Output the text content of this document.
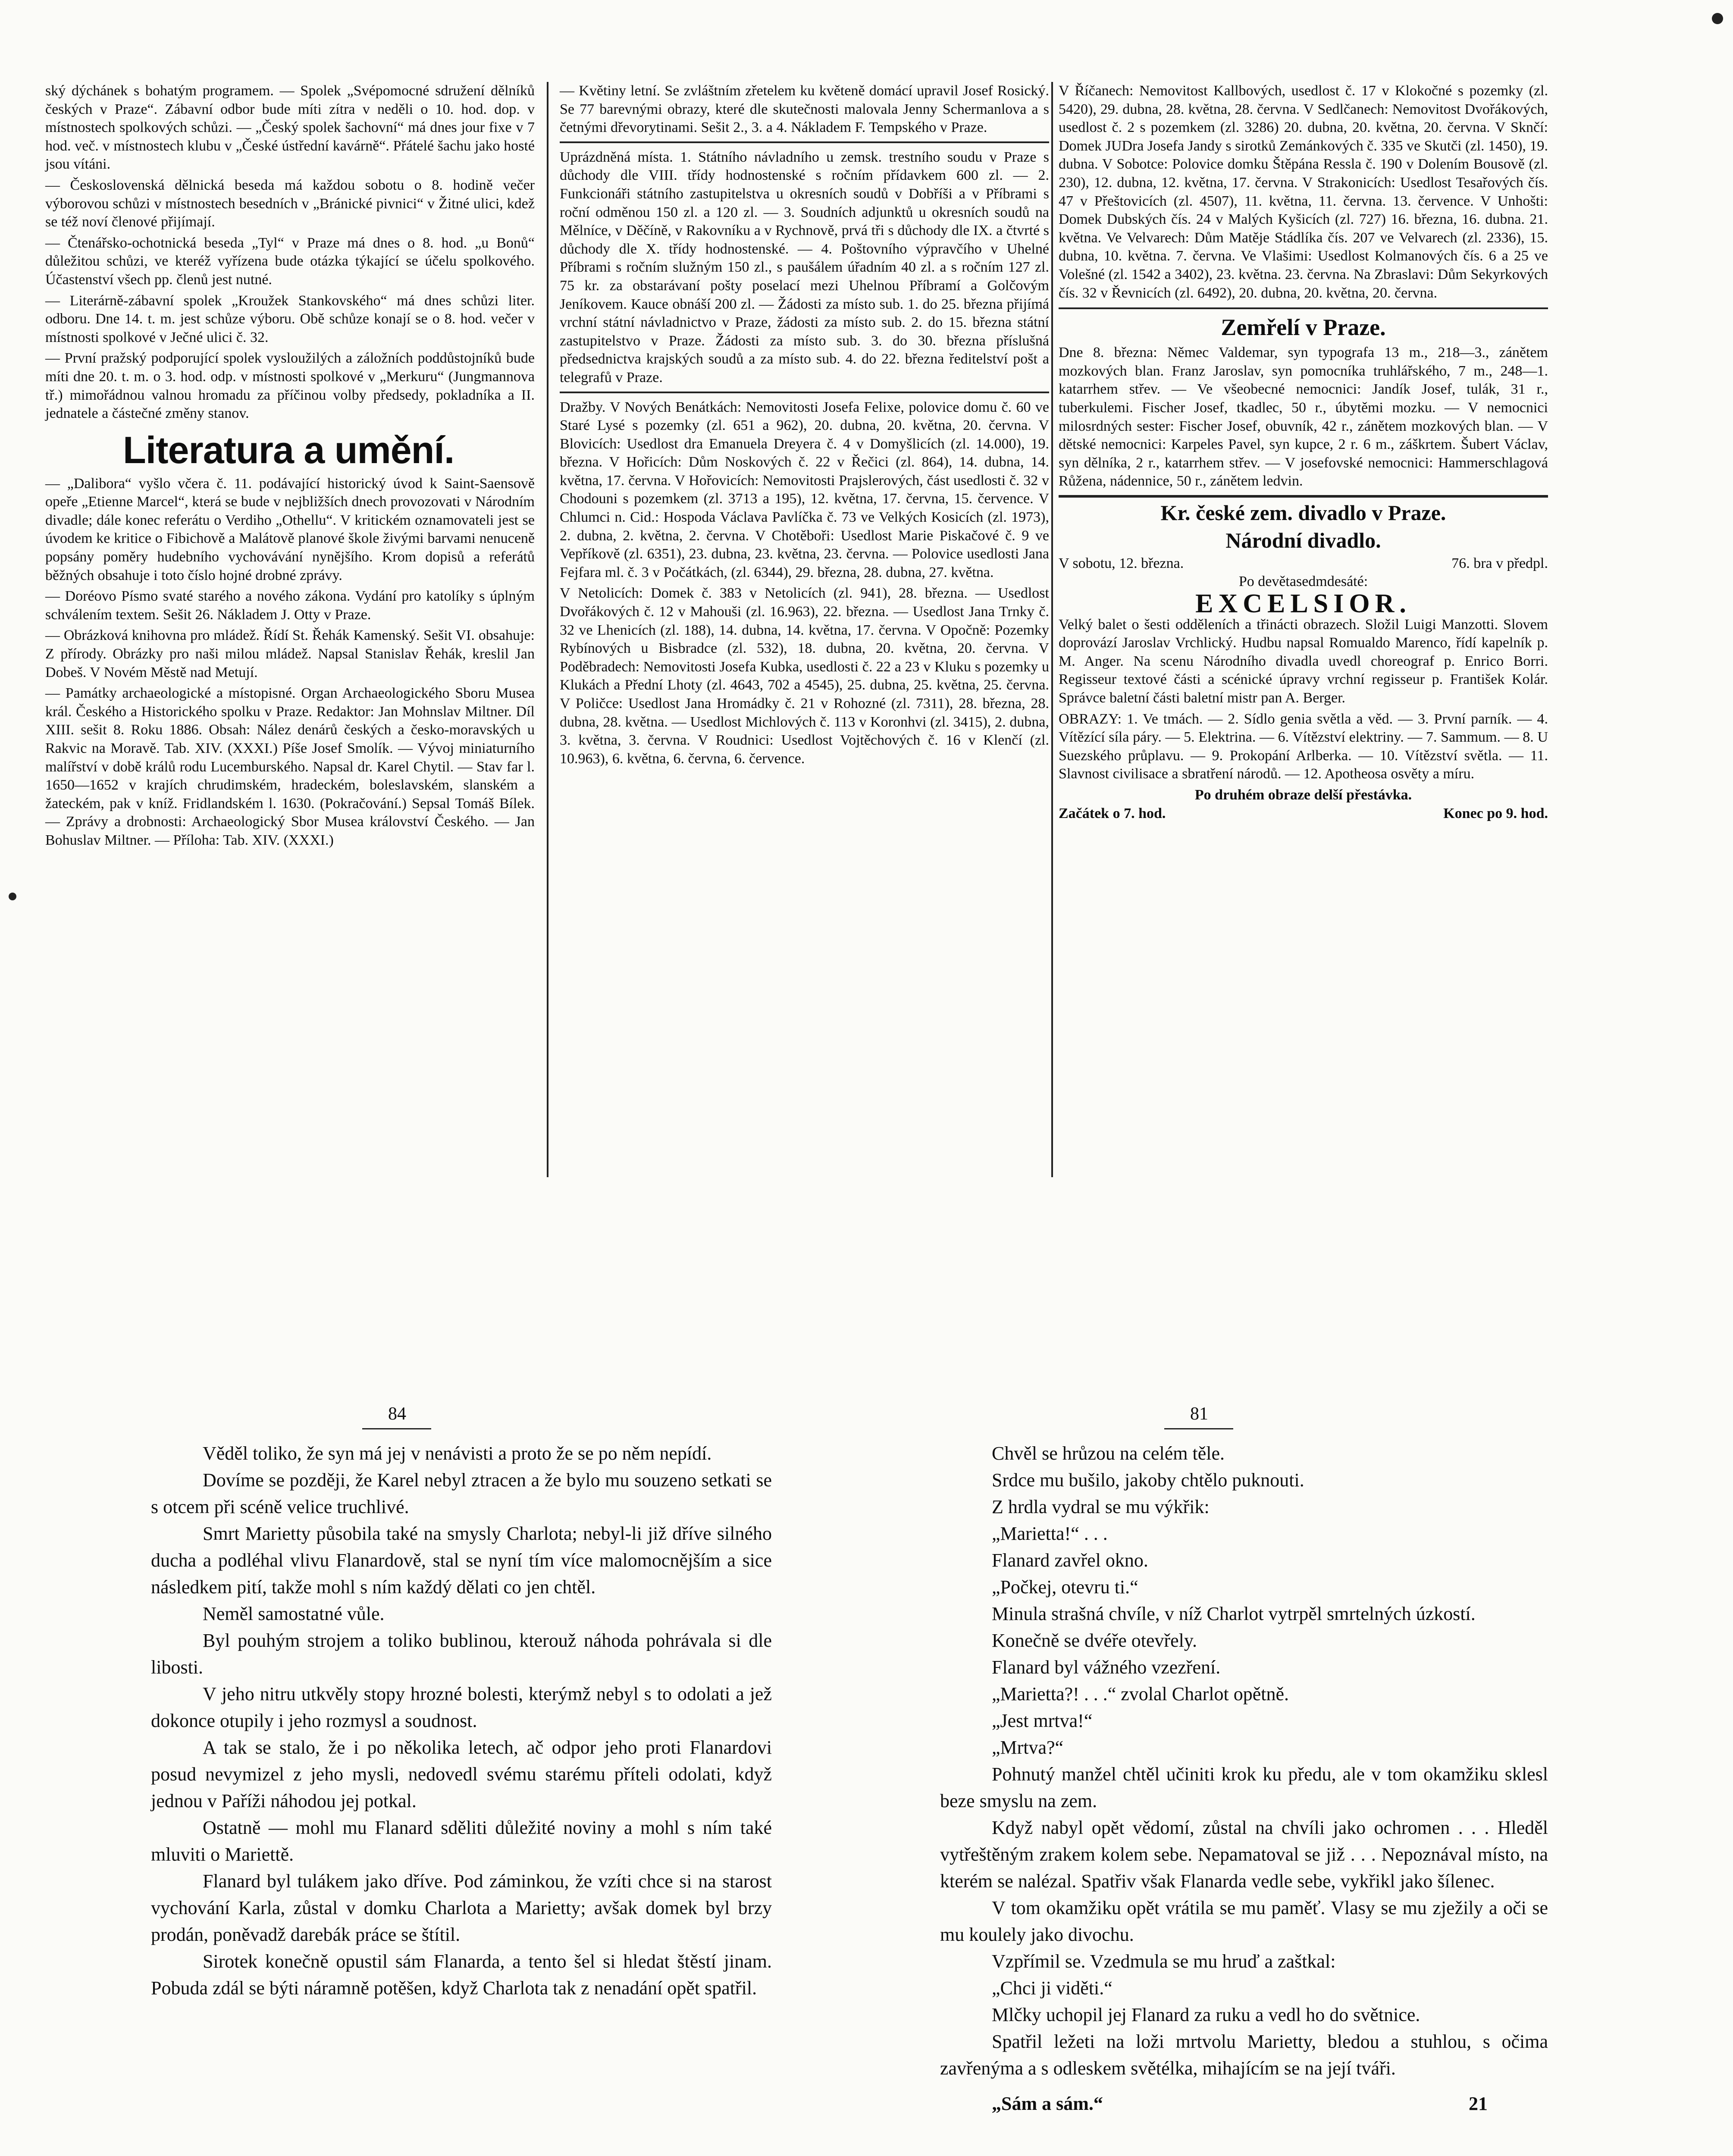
ský dýchánek s bohatým programem. — Spolek „Svépomocné sdružení dělníků českých v Praze“. Zábavní odbor bude míti zítra v neděli o 10. hod. dop. v místnostech spolkových schůzi. — „Český spolek šachovní“ má dnes jour fixe v 7 hod. več. v místnostech klubu v „České ústřední kavárně“. Přátelé šachu jako hosté jsou vítáni.

— Československá dělnická beseda má každou sobotu o 8. hodině večer výborovou schůzi v místnostech besedních v „Bránické pivnici“ v Žitné ulici, kdež se též noví členové přijímají.

— Čtenářsko-ochotnická beseda „Tyl“ v Praze má dnes o 8. hod. „u Bonů“ důležitou schůzi, ve kteréž vyřízena bude otázka týkající se účelu spolkového. Účastenství všech pp. členů jest nutné.

— Literárně-zábavní spolek „Kroužek Stankovského“ má dnes schůzi liter. odboru. Dne 14. t. m. jest schůze výboru. Obě schůze konají se o 8. hod. večer v místnosti spolkové v Ječné ulici č. 32.

— První pražský podporující spolek vysloužilých a záložních poddůstojníků bude míti dne 20. t. m. o 3. hod. odp. v místnosti spolkové v „Merkuru“ (Jungmannova tř.) mimořádnou valnou hromadu za příčinou volby předsedy, pokladníka a II. jednatele a částečné změny stanov.

Literatura a umění.

— „Dalibora“ vyšlo včera č. 11. podávající historický úvod k Saint-Saensově opeře „Etienne Marcel“, která se bude v nejbližších dnech provozovati v Národním divadle; dále konec referátu o Verdiho „Othellu“. V kritickém oznamovateli jest se úvodem ke kritice o Fibichově a Malátově planové škole živými barvami nenuceně popsány poměry hudebního vychovávání nynějšího. Krom dopisů a referátů běžných obsahuje i toto číslo hojné drobné zprávy.

— Doréovo Písmo svaté starého a nového zákona. Vydání pro katolíky s úplným schválením textem. Sešit 26. Nákladem J. Otty v Praze.

— Obrázková knihovna pro mládež. Řídí St. Řehák Kamenský. Sešit VI. obsahuje: Z přírody. Obrázky pro naši milou mládež. Napsal Stanislav Řehák, kreslil Jan Dobeš. V Novém Městě nad Metují.

— Památky archaeologické a místopisné. Organ Archaeologického Sboru Musea král. Českého a Historického spolku v Praze. Redaktor: Jan Mohnslav Miltner. Díl XIII. sešit 8. Roku 1886. Obsah: Nález denárů českých a česko-moravských u Rakvic na Moravě. Tab. XIV. (XXXI.) Píše Josef Smolík. — Vývoj miniaturního malířství v době králů rodu Lucemburského. Napsal dr. Karel Chytil. — Stav far l. 1650—1652 v krajích chrudimském, hradeckém, boleslavském, slanském a žateckém, pak v kníž. Fridlandském l. 1630. (Pokračování.) Sepsal Tomáš Bílek. — Zprávy a drobnosti: Archaeologický Sbor Musea království Českého. — Jan Bohuslav Miltner. — Příloha: Tab. XIV. (XXXI.)

— Květiny letní. Se zvláštním zřetelem ku květeně domácí upravil Josef Rosický. Se 77 barevnými obrazy, které dle skutečnosti malovala Jenny Schermanlova a s četnými dřevorytinami. Sešit 2., 3. a 4. Nákladem F. Tempského v Praze.

Uprázdněná místa. 1. Státního návladního u zemsk. trestního soudu v Praze s důchody dle VIII. třídy hodnostenské s ročním přídavkem 600 zl. — 2. Funkcionáři státního zastupitelstva u okresních soudů v Dobříši a v Příbrami s roční odměnou 150 zl. a 120 zl. — 3. Soudních adjunktů u okresních soudů na Mělníce, v Děčíně, v Rakovníku a v Rychnově, prvá tři s důchody dle IX. a čtvrté s důchody dle X. třídy hodnostenské. — 4. Poštovního výpravčího v Uhelné Příbrami s ročním služným 150 zl., s paušálem úřadním 40 zl. a s ročním 127 zl. 75 kr. za obstarávaní pošty poselací mezi Uhelnou Příbramí a Golčovým Jeníkovem. Kauce obnáší 200 zl. — Žádosti za místo sub. 1. do 25. března přijímá vrchní státní návladnictvo v Praze, žádosti za místo sub. 2. do 15. března státní zastupitelstvo v Praze. Žádosti za místo sub. 3. do 30. března příslušná předsednictva krajských soudů a za místo sub. 4. do 22. března ředitelství pošt a telegrafů v Praze.

Dražby. V Nových Benátkách: Nemovitosti Josefa Felixe, polovice domu č. 60 ve Staré Lysé s pozemky (zl. 651 a 962), 20. dubna, 20. května, 20. června. V Blovicích: Usedlost dra Emanuela Dreyera č. 4 v Domyšlicích (zl. 14.000), 19. března. V Hořicích: Dům Noskových č. 22 v Řečici (zl. 864), 14. dubna, 14. května, 17. června. V Hořovicích: Nemovitosti Prajslerových, část usedlosti č. 32 v Chodouni s pozemkem (zl. 3713 a 195), 12. května, 17. června, 15. července. V Chlumci n. Cid.: Hospoda Václava Pavlíčka č. 73 ve Velkých Kosicích (zl. 1973), 2. dubna, 2. května, 2. června. V Chotěboři: Usedlost Marie Piskačové č. 9 ve Vepříkově (zl. 6351), 23. dubna, 23. května, 23. června. — Polovice usedlosti Jana Fejfara ml. č. 3 v Počátkách, (zl. 6344), 29. března, 28. dubna, 27. května.

V Netolicích: Domek č. 383 v Netolicích (zl. 941), 28. března. — Usedlost Dvořákových č. 12 v Mahouši (zl. 16.963), 22. března. — Usedlost Jana Trnky č. 32 ve Lhenicích (zl. 188), 14. dubna, 14. května, 17. června. V Opočně: Pozemky Rybínových u Bisbradce (zl. 532), 18. dubna, 20. května, 20. června. V Poděbradech: Nemovitosti Josefa Kubka, usedlosti č. 22 a 23 v Kluku s pozemky u Klukách a Přední Lhoty (zl. 4643, 702 a 4545), 25. dubna, 25. května, 25. června. V Poličce: Usedlost Jana Hromádky č. 21 v Rohozné (zl. 7311), 28. března, 28. dubna, 28. května. — Usedlost Michlových č. 113 v Koronhvi (zl. 3415), 2. dubna, 3. května, 3. června. V Roudnici: Usedlost Vojtěchových č. 16 v Klenčí (zl. 10.963), 6. května, 6. června, 6. července.

V Říčanech: Nemovitost Kallbových, usedlost č. 17 v Klokočné s pozemky (zl. 5420), 29. dubna, 28. května, 28. června. V Sedlčanech: Nemovitost Dvořákových, usedlost č. 2 s pozemkem (zl. 3286) 20. dubna, 20. května, 20. června. V Sknčí: Domek JUDra Josefa Jandy s sirotků Zemánkových č. 335 ve Skutči (zl. 1450), 19. dubna. V Sobotce: Polovice domku Štěpána Ressla č. 190 v Dolením Bousově (zl. 230), 12. dubna, 12. května, 17. června. V Strakonicích: Usedlost Tesařových čís. 47 v Přeštovicích (zl. 4507), 11. května, 11. června. 13. července. V Unhošti: Domek Dubských čís. 24 v Malých Kyšicích (zl. 727) 16. března, 16. dubna. 21. května. Ve Velvarech: Dům Matěje Stádlíka čís. 207 ve Velvarech (zl. 2336), 15. dubna, 10. května. 7. června. Ve Vlašimi: Usedlost Kolmanových čís. 6 a 25 ve Volešné (zl. 1542 a 3402), 23. května. 23. června. Na Zbraslavi: Dům Sekyrkových čís. 32 v Řevnicích (zl. 6492), 20. dubna, 20. května, 20. června.

Zemřelí v Praze.

Dne 8. března: Němec Valdemar, syn typografa 13 m., 218—3., zánětem mozkových blan. Franz Jaroslav, syn pomocníka truhlářského, 7 m., 248—1. katarrhem střev. — Ve všeobecné nemocnici: Jandík Josef, tulák, 31 r., tuberkulemi. Fischer Josef, tkadlec, 50 r., úbytěmi mozku. — V nemocnici milosrdných sester: Fischer Josef, obuvník, 42 r., zánětem mozkových blan. — V dětské nemocnici: Karpeles Pavel, syn kupce, 2 r. 6 m., záškrtem. Šubert Václav, syn dělníka, 2 r., katarrhem střev. — V josefovské nemocnici: Hammerschlagová Růžena, nádennice, 50 r., zánětem ledvin.

Kr. české zem. divadlo v Praze.
Národní divadlo.
V sobotu, 12. března.	76. bra v předpl.
Po devětasedmdesáté:
EXCELSIOR.

Velký balet o šesti odděleních a třinácti obrazech. Složil Luigi Manzotti. Slovem doprovází Jaroslav Vrchlický. Hudbu napsal Romualdo Marenco, řídí kapelník p. M. Anger. Na scenu Národního divadla uvedl choreograf p. Enrico Borri. Regisseur textové části a scénické úpravy vrchní regisseur p. František Kolár. Správce baletní části baletní mistr pan A. Berger.

OBRAZY: 1. Ve tmách. — 2. Sídlo genia světla a věd. — 3. První parník. — 4. Vítězící síla páry. — 5. Elektrina. — 6. Vítězství elektriny. — 7. Sammum. — 8. U Suezského průplavu. — 9. Prokopání Arlberka. — 10. Vítězství světla. — 11. Slavnost civilisace a sbratření národů. — 12. Apotheosa osvěty a míru.

Po druhém obraze delší přestávka.
Začátek o 7. hod.	Konec po 9. hod.
84	81

Věděl toliko, že syn má jej v nenávisti a proto že se po něm nepídí.

Dovíme se později, že Karel nebyl ztracen a že bylo mu souzeno setkati se s otcem při scéně velice truchlivé.

Smrt Marietty působila také na smysly Charlota; nebyl-li již dříve silného ducha a podléhal vlivu Flanardově, stal se nyní tím více malomocnějším a sice následkem pití, takže mohl s ním každý dělati co jen chtěl.

Neměl samostatné vůle.

Byl pouhým strojem a toliko bublinou, kterouž náhoda pohrávala si dle libosti.

V jeho nitru utkvěly stopy hrozné bolesti, kterýmž nebyl s to odolati a jež dokonce otupily i jeho rozmysl a soudnost.

A tak se stalo, že i po několika letech, ač odpor jeho proti Flanardovi posud nevymizel z jeho mysli, nedovedl svému starému příteli odolati, když jednou v Paříži náhodou jej potkal.

Ostatně — mohl mu Flanard sděliti důležité noviny a mohl s ním také mluviti o Mariettě.

Flanard byl tulákem jako dříve. Pod záminkou, že vzíti chce si na starost vychování Karla, zůstal v domku Charlota a Marietty; avšak domek byl brzy prodán, poněvadž darebák práce se štítil.

Sirotek konečně opustil sám Flanarda, a tento šel si hledat štěstí jinam. Pobuda zdál se býti náramně potěšen, když Charlota tak z nenadání opět spatřil.

Chvěl se hrůzou na celém těle.

Srdce mu bušilo, jakoby chtělo puknouti.

Z hrdla vydral se mu výkřik:

„Marietta!“ . . .

Flanard zavřel okno.

„Počkej, otevru ti.“

Minula strašná chvíle, v níž Charlot vytrpěl smrtelných úzkostí.

Konečně se dvéře otevřely.

Flanard byl vážného vzezření.

„Marietta?! . . .“ zvolal Charlot opětně.

„Jest mrtva!“

„Mrtva?“

Pohnutý manžel chtěl učiniti krok ku předu, ale v tom okamžiku sklesl beze smyslu na zem.

Když nabyl opět vědomí, zůstal na chvíli jako ochromen . . . Hleděl vytřeštěným zrakem kolem sebe. Nepamatoval se již . . . Nepoznával místo, na kterém se nalézal. Spatřiv však Flanarda vedle sebe, vykřikl jako šílenec.

V tom okamžiku opět vrátila se mu paměť. Vlasy se mu zježily a oči se mu koulely jako divochu.

Vzpřímil se. Vzedmula se mu hruď a zaštkal:

„Chci ji viděti.“

Mlčky uchopil jej Flanard za ruku a vedl ho do světnice.

Spatřil ležeti na loži mrtvolu Marietty, bledou a stuhlou, s očima zavřenýma a s odleskem světélka, mihajícím se na její tváři.

„Sám a sám.“	21
